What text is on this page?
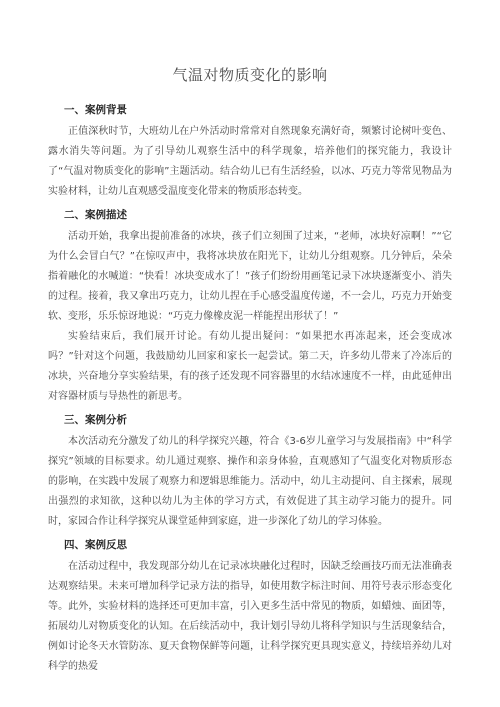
气温对物质变化的影响
一、案例背景

正值深秋时节，大班幼儿在户外活动时常常对自然现象充满好奇，频繁讨论树叶变色、露水消失等问题。为了引导幼儿观察生活中的科学现象，培养他们的探究能力，我设计了“气温对物质变化的影响”主题活动。结合幼儿已有生活经验，以冰、巧克力等常见物品为实验材料，让幼儿直观感受温度变化带来的物质形态转变。

二、案例描述

活动开始，我拿出提前准备的冰块，孩子们立刻围了过来，“老师，冰块好凉啊！”“它为什么会冒白气？”在惊叹声中，我将冰块放在阳光下，让幼儿分组观察。几分钟后，朵朵指着融化的水喊道：“快看！冰块变成水了！”孩子们纷纷用画笔记录下冰块逐渐变小、消失的过程。接着，我又拿出巧克力，让幼儿捏在手心感受温度传递，不一会儿，巧克力开始变软、变形，乐乐惊讶地说：“巧克力像橡皮泥一样能捏出形状了！”

实验结束后，我们展开讨论。有幼儿提出疑问：“如果把水再冻起来，还会变成冰吗？”针对这个问题，我鼓励幼儿回家和家长一起尝试。第二天，许多幼儿带来了冷冻后的冰块，兴奋地分享实验结果，有的孩子还发现不同容器里的水结冰速度不一样，由此延伸出对容器材质与导热性的新思考。

三、案例分析

本次活动充分激发了幼儿的科学探究兴趣，符合《3-6岁儿童学习与发展指南》中“科学探究”领域的目标要求。幼儿通过观察、操作和亲身体验，直观感知了气温变化对物质形态的影响，在实践中发展了观察力和逻辑思维能力。活动中，幼儿主动提问、自主探索，展现出强烈的求知欲，这种以幼儿为主体的学习方式，有效促进了其主动学习能力的提升。同时，家园合作让科学探究从课堂延伸到家庭，进一步深化了幼儿的学习体验。

四、案例反思

在活动过程中，我发现部分幼儿在记录冰块融化过程时，因缺乏绘画技巧而无法准确表达观察结果。未来可增加科学记录方法的指导，如使用数字标注时间、用符号表示形态变化等。此外，实验材料的选择还可更加丰富，引入更多生活中常见的物质，如蜡烛、面团等，拓展幼儿对物质变化的认知。在后续活动中，我计划引导幼儿将科学知识与生活现象结合，例如讨论冬天水管防冻、夏天食物保鲜等问题，让科学探究更具现实意义，持续培养幼儿对科学的热爱
